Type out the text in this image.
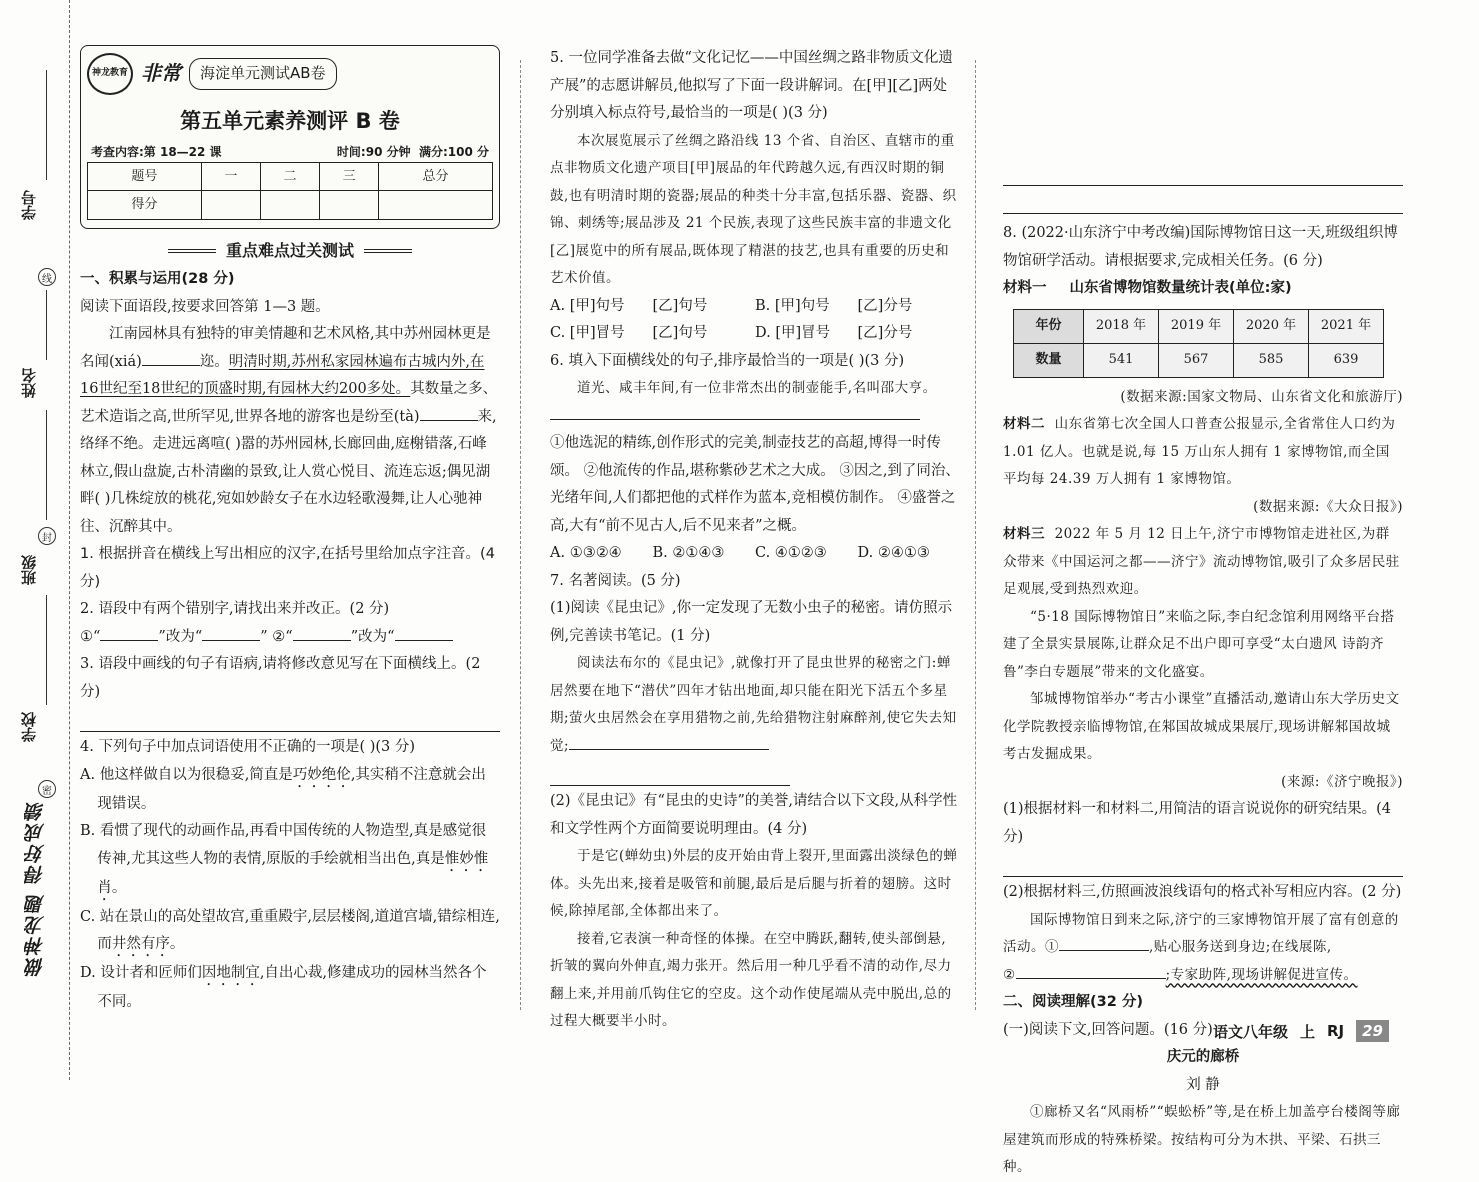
学号
线
姓名
封
班级
学校
密
做神龙题 得好成绩
神龙教育 非常	海淀单元测试AB卷
第五单元素养测评 B 卷
考查内容:第 18—22 课	时间:90 分钟 满分:100 分
题号	一	二	三	总分
得分				
重点难点过关测试

一、积累与运用(28 分)

阅读下面语段,按要求回答第 1—3 题。

江南园林具有独特的审美情趣和艺术风格,其中苏州园林更是名闻(xiá)	迩。明清时期,苏州私家园林遍布古城内外,在16世纪至18世纪的顶盛时期,有园林大约200多处。其数量之多、艺术造诣之高,世所罕见,世界各地的游客也是纷至(tà)	来,络绎不绝。走进远离喧( )嚣的苏州园林,长廊回曲,庭榭错落,石峰林立,假山盘旋,古朴清幽的景致,让人赏心悦目、流连忘返;偶见湖畔( )几株绽放的桃花,宛如妙龄女子在水边轻歌漫舞,让人心驰神往、沉醉其中。

1. 根据拼音在横线上写出相应的汉字,在括号里给加点字注音。(4 分)

2. 语段中有两个错别字,请找出来并改正。(2 分)

①“	”改为“	” ②“	”改为“

3. 语段中画线的句子有语病,请将修改意见写在下面横线上。(2 分)

4. 下列句子中加点词语使用不正确的一项是( )(3 分)

A. 他这样做自以为很稳妥,简直是巧妙绝伦,其实稍不注意就会出现错误。

B. 看惯了现代的动画作品,再看中国传统的人物造型,真是感觉很传神,尤其这些人物的表情,原版的手绘就相当出色,真是惟妙惟肖。

C. 站在景山的高处望故宫,重重殿宇,层层楼阁,道道宫墙,错综相连,而井然有序。

D. 设计者和匠师们因地制宜,自出心裁,修建成功的园林当然各个不同。

5. 一位同学准备去做“文化记忆——中国丝绸之路非物质文化遗产展”的志愿讲解员,他拟写了下面一段讲解词。在[甲][乙]两处分别填入标点符号,最恰当的一项是( )(3 分)

本次展览展示了丝绸之路沿线 13 个省、自治区、直辖市的重点非物质文化遗产项目[甲]展品的年代跨越久远,有西汉时期的铜鼓,也有明清时期的瓷器;展品的种类十分丰富,包括乐器、瓷器、织锦、刺绣等;展品涉及 21 个民族,表现了这些民族丰富的非遗文化[乙]展览中的所有展品,既体现了精湛的技艺,也具有重要的历史和艺术价值。

A. [甲]句号	[乙]句号	B. [甲]句号	[乙]分号
C. [甲]冒号	[乙]句号	D. [甲]冒号	[乙]分号

6. 填入下面横线处的句子,排序最恰当的一项是( )(3 分)

道光、咸丰年间,有一位非常杰出的制壶能手,名叫邵大亨。

①他选泥的精练,创作形式的完美,制壶技艺的高超,博得一时传颂。 ②他流传的作品,堪称紫砂艺术之大成。 ③因之,到了同治、光绪年间,人们都把他的式样作为蓝本,竞相模仿制作。 ④盛誉之高,大有“前不见古人,后不见来者”之概。

A. ①③②④	B. ②①④③	C. ④①②③	D. ②④①③

7. 名著阅读。(5 分)

(1)阅读《昆虫记》,你一定发现了无数小虫子的秘密。请仿照示例,完善读书笔记。(1 分)

阅读法布尔的《昆虫记》,就像打开了昆虫世界的秘密之门:蝉居然要在地下“潜伏”四年才钻出地面,却只能在阳光下活五个多星期;萤火虫居然会在享用猎物之前,先给猎物注射麻醉剂,使它失去知觉;

(2)《昆虫记》有“昆虫的史诗”的美誉,请结合以下文段,从科学性和文学性两个方面简要说明理由。(4 分)

于是它(蝉幼虫)外层的皮开始由背上裂开,里面露出淡绿色的蝉体。头先出来,接着是吸管和前腿,最后是后腿与折着的翅膀。这时候,除掉尾部,全体都出来了。

接着,它表演一种奇怪的体操。在空中腾跃,翻转,使头部倒悬,折皱的翼向外伸直,竭力张开。然后用一种几乎看不清的动作,尽力翻上来,并用前爪钩住它的空皮。这个动作使尾端从壳中脱出,总的过程大概要半小时。

8. (2022·山东济宁中考改编)国际博物馆日这一天,班级组织博物馆研学活动。请根据要求,完成相关任务。(6 分)

材料一 山东省博物馆数量统计表(单位:家)

年份	2018 年	2019 年	2020 年	2021 年
数量	541	567	585	639

(数据来源:国家文物局、山东省文化和旅游厅)

材料二 山东省第七次全国人口普查公报显示,全省常住人口约为 1.01 亿人。也就是说,每 15 万山东人拥有 1 家博物馆,而全国平均每 24.39 万人拥有 1 家博物馆。

(数据来源:《大众日报》)

材料三 2022 年 5 月 12 日上午,济宁市博物馆走进社区,为群众带来《中国运河之都——济宁》流动博物馆,吸引了众多居民驻足观展,受到热烈欢迎。

“5·18 国际博物馆日”来临之际,李白纪念馆利用网络平台搭建了全景实景展陈,让群众足不出户即可享受“太白遗风 诗韵齐鲁”李白专题展”带来的文化盛宴。

邹城博物馆举办“考古小课堂”直播活动,邀请山东大学历史文化学院教授亲临博物馆,在邾国故城成果展厅,现场讲解邾国故城考古发掘成果。

(来源:《济宁晚报》)

(1)根据材料一和材料二,用简洁的语言说说你的研究结果。(4 分)

(2)根据材料三,仿照画波浪线语句的格式补写相应内容。(2 分)

国际博物馆日到来之际,济宁的三家博物馆开展了富有创意的活动。①	,贴心服务送到身边;在线展陈,

②	;专家助阵,现场讲解促进宣传。

二、阅读理解(32 分)

(一)阅读下文,回答问题。(16 分)

庆元的廊桥

刘 静

①廊桥又名“风雨桥”“蜈蚣桥”等,是在桥上加盖亭台楼阁等廊屋建筑而形成的特殊桥梁。按结构可分为木拱、平梁、石拱三种。

语文八年级 上 RJ	29
